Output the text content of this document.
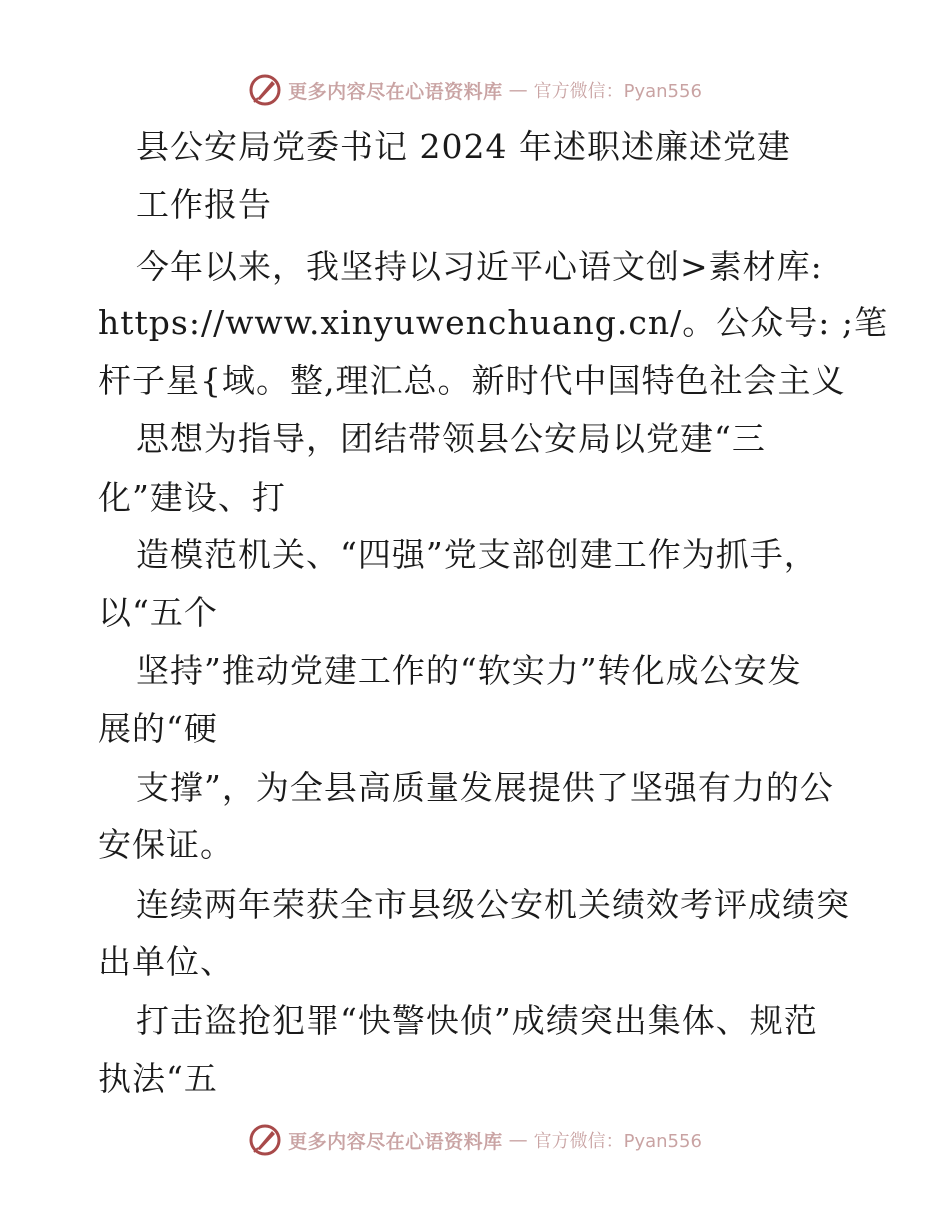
更多内容尽在心语资料库 — 官方微信：Pyan556
县公安局党委书记 2024 年述职述廉述党建
工作报告
今年以来，我坚持以习近平心语文创>素材库:
https://www.xinyuwenchuang.cn/。公众号: ;笔
杆子星{域。整,理汇总。新时代中国特色社会主义
思想为指导，团结带领县公安局以党建“三
化”建设、打
造模范机关、“四强”党支部创建工作为抓手，
以“五个
坚持”推动党建工作的“软实力”转化成公安发
展的“硬
支撑”，为全县高质量发展提供了坚强有力的公
安保证。
连续两年荣获全市县级公安机关绩效考评成绩突
出单位、
打击盗抢犯罪“快警快侦”成绩突出集体、规范
执法“五
更多内容尽在心语资料库 — 官方微信：Pyan556
